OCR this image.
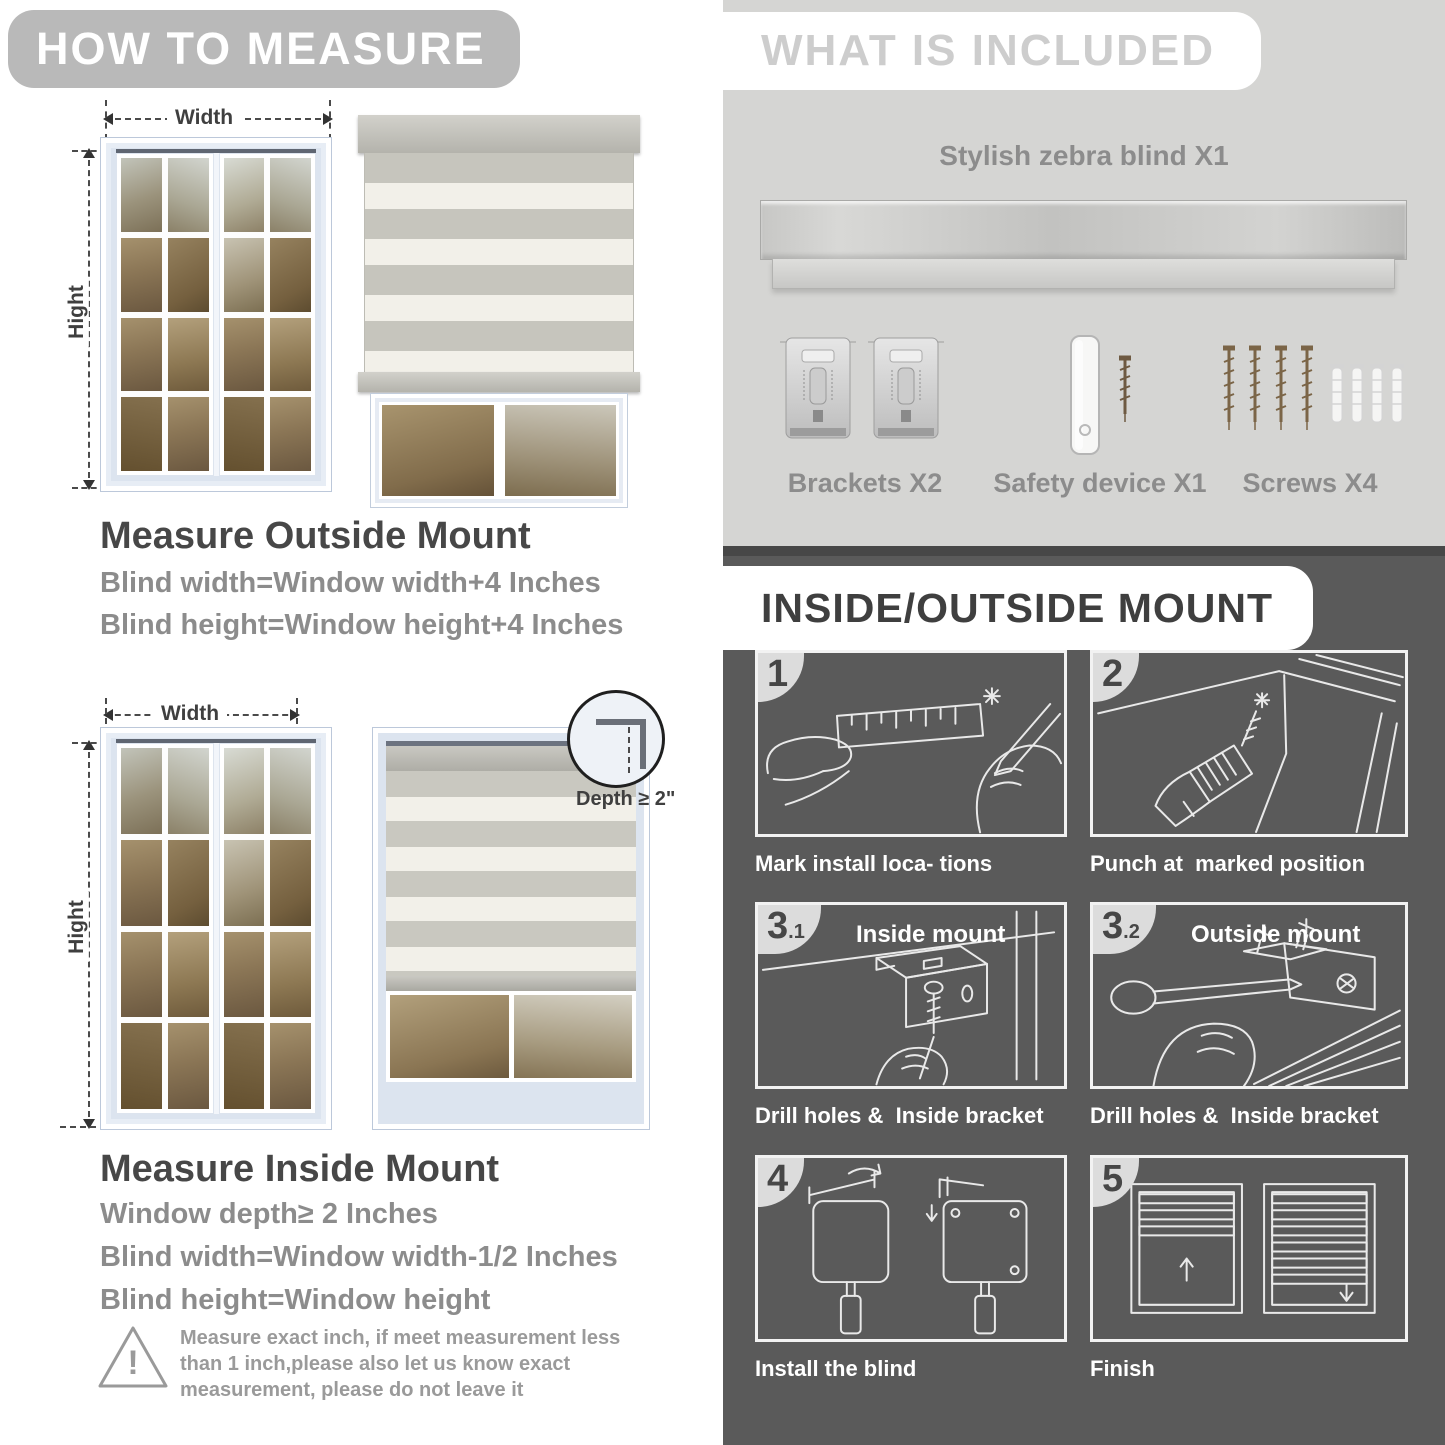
HOW TO MEASURE
Width
Hight
Measure Outside Mount
Blind width=Window width+4 Inches
Blind height=Window height+4 Inches
Width
Hight
Depth ≥ 2"
Measure Inside Mount
Window depth≥ 2 Inches
Blind width=Window width-1/2 Inches
Blind height=Window height
!
Measure exact inch, if meet measurement less
than 1 inch,please also let us know exact
measurement, please do not leave it
WHAT IS INCLUDED
Stylish zebra blind X1
Brackets X2 Safety device X1	Screws X4
INSIDE/OUTSIDE MOUNT
1
Mark install loca- tions
2
Punch at  marked position
3.1	Inside mount
Drill holes &  Inside bracket
3.2	Outside mount
Drill holes &  Inside bracket
4
Install the blind
5
Finish
